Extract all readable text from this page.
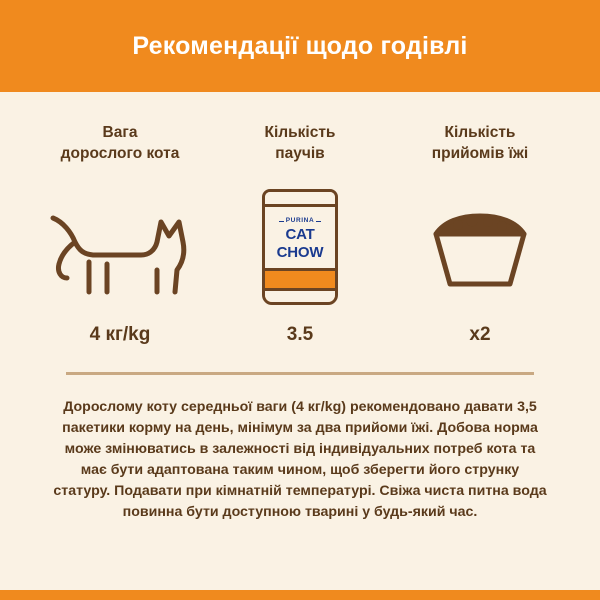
Рекомендації щодо годівлі
Вага
дорослого кота
4 кг/kg
Кількість
паучів
PURINA
CAT
CHOW
3.5
Кількість
прийомів їжі
x2
Дорослому коту середньої ваги (4 кг/kg) рекомендовано давати 3,5 пакетики корму на день, мінімум за два прийоми їжі. Добова норма може змінюватись в залежності від індивідуальних потреб кота та має бути адаптована таким чином, щоб зберегти його струнку статуру. Подавати при кімнатній температурі. Свіжа чиста питна вода повинна бути доступною тварині у будь-який час.
